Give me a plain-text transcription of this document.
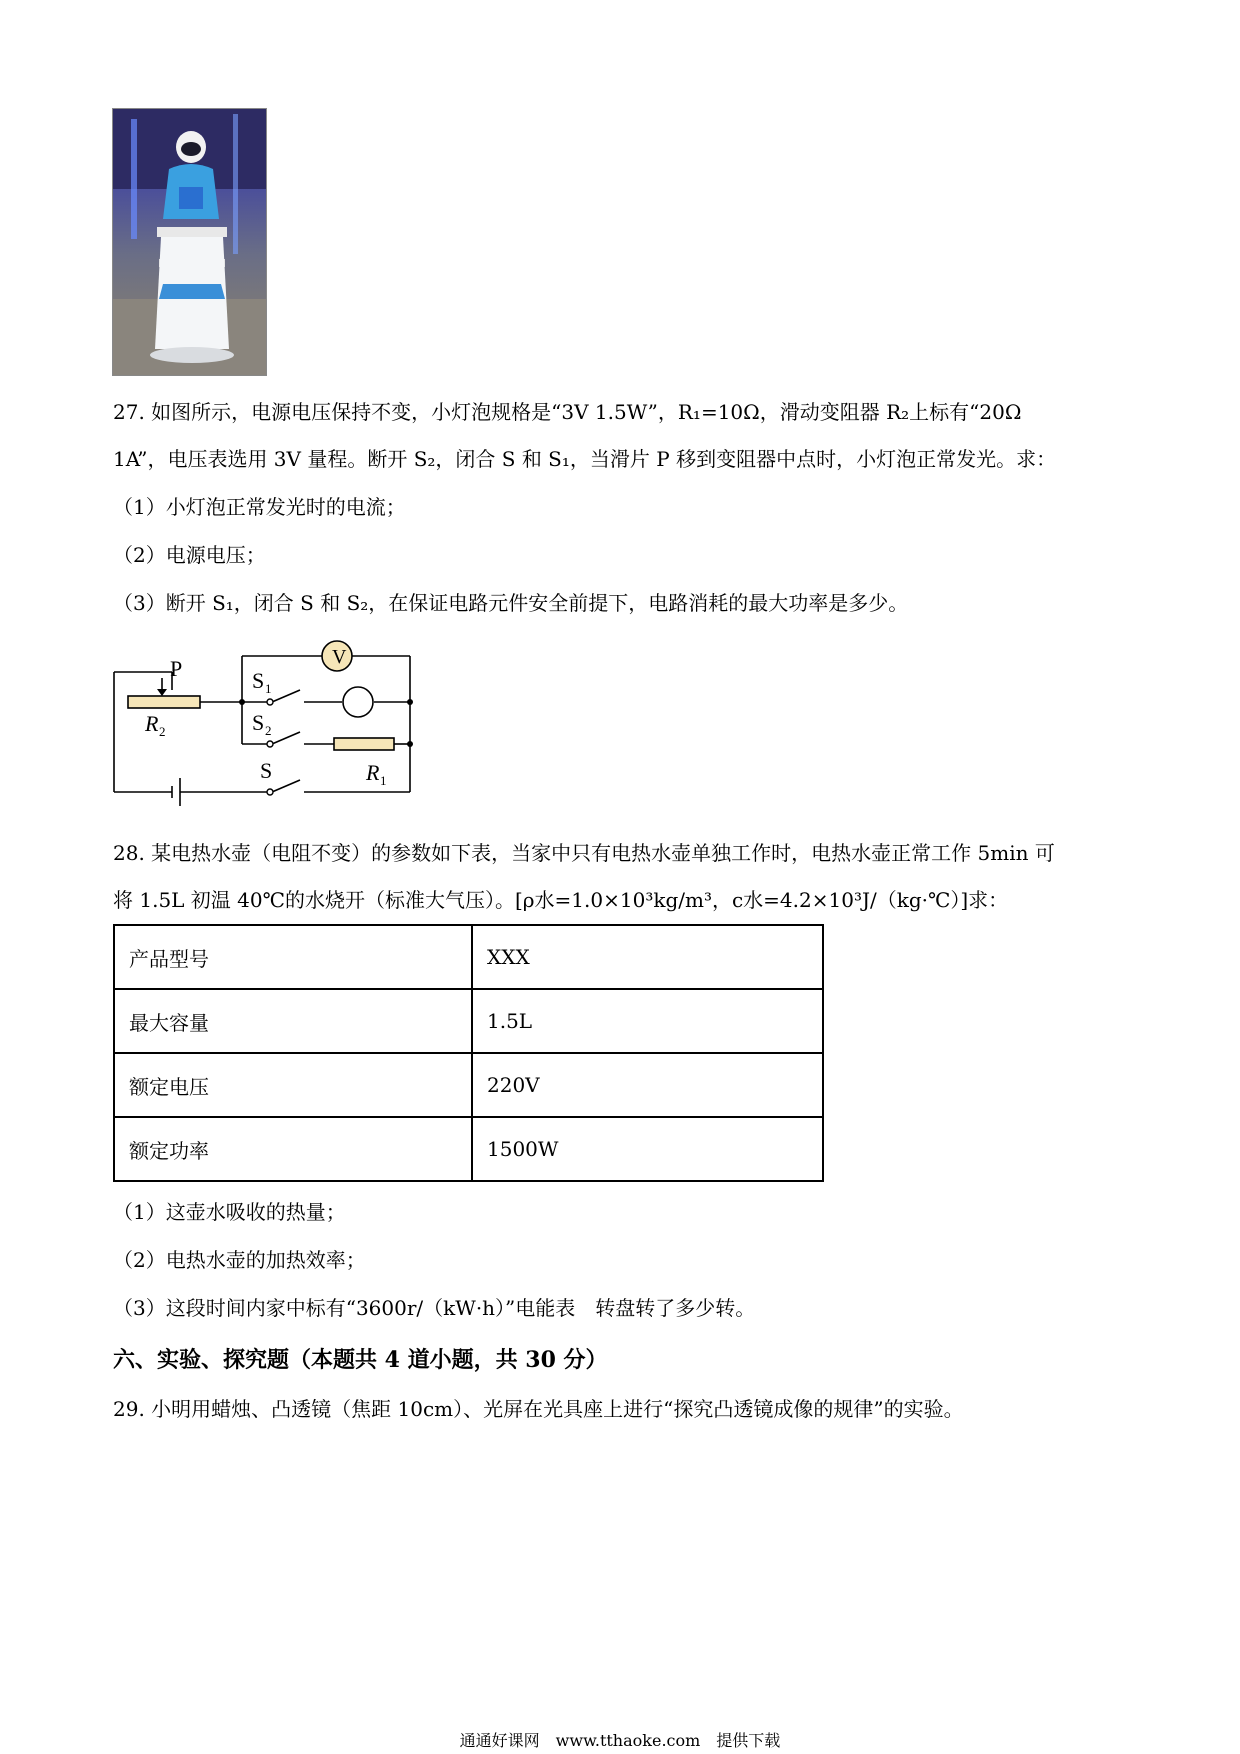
27. 如图所示，电源电压保持不变，小灯泡规格是“3V 1.5W”，R₁=10Ω，滑动变阻器 R₂上标有“20Ω
1A”，电压表选用 3V 量程。断开 S₂，闭合 S 和 S₁，当滑片 P 移到变阻器中点时，小灯泡正常发光。求：
（1）小灯泡正常发光时的电流；
（2）电源电压；
（3）断开 S₁，闭合 S 和 S₂，在保证电路元件安全前提下，电路消耗的最大功率是多少。
P	V
R 2
S 1
S 2
S	R 1
28. 某电热水壶（电阻不变）的参数如下表，当家中只有电热水壶单独工作时，电热水壶正常工作 5min 可
将 1.5L 初温 40℃的水烧开（标准大气压）。[ρ水=1.0×10³kg/m³，c水=4.2×10³J/（kg·℃）]求：
产品型号	XXX
最大容量	1.5L
额定电压	220V
额定功率	1500W
（1）这壶水吸收的热量；
（2）电热水壶的加热效率；
（3）这段时间内家中标有“3600r/（kW·h）”电能表　转盘转了多少转。
六、实验、探究题（本题共 4 道小题，共 30 分）
29. 小明用蜡烛、凸透镜（焦距 10cm）、光屏在光具座上进行“探究凸透镜成像的规律”的实验。
通通好课网　www.tthaoke.com　提供下载
